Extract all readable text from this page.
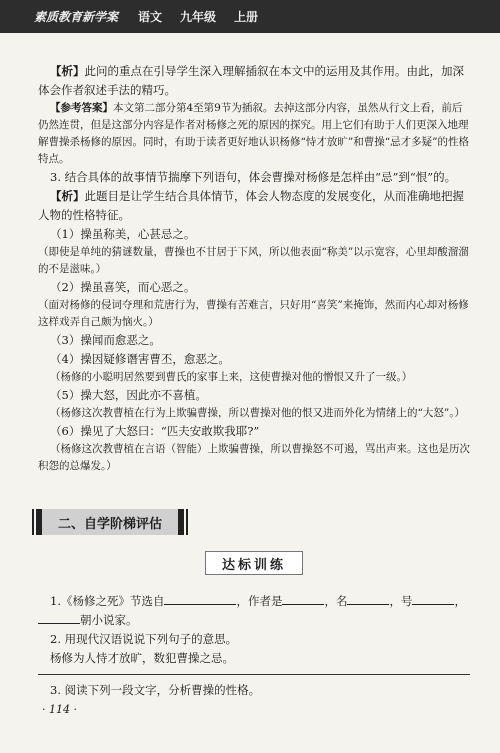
素质教育新学案 语文 九年级 上册

【析】此问的重点在引导学生深入理解插叙在本文中的运用及其作用。由此，加深体会作者叙述手法的精巧。

【参考答案】本文第二部分第4至第9节为插叙。去掉这部分内容，虽然从行文上看，前后仍然连贯，但是这部分内容是作者对杨修之死的原因的探究。用上它们有助于人们更深入地理解曹操杀杨修的原因。同时，有助于读者更好地认识杨修“恃才放旷”和曹操“忌才多疑”的性格特点。

3. 结合具体的故事情节揣摩下列语句，体会曹操对杨修是怎样由“忌”到“恨”的。

【析】此题目是让学生结合具体情节，体会人物态度的发展变化，从而准确地把握人物的性格特征。

（1）操虽称美，心甚忌之。

（即使是单纯的猜谜数量，曹操也不甘居于下风，所以他表面“称美”以示宽容，心里却酸溜溜的不是滋味。）

（2）操虽喜笑，而心恶之。

（面对杨修的侵词夺理和荒唐行为，曹操有苦难言，只好用“喜笑”来掩饰，然而内心却对杨修这样戏弄自己颇为恼火。）

（3）操闻而愈恶之。

（4）操因疑修谮害曹丕，愈恶之。

（杨修的小聪明居然要到曹氏的家事上来，这使曹操对他的憎恨又升了一级。）

（5）操大怒，因此亦不喜植。

（杨修这次教曹植在行为上欺骗曹操，所以曹操对他的恨又进而外化为情绪上的“大怒”。）

（6）操见了大怒曰：“匹夫安敢欺我耶?”

（杨修这次教曹植在言语（智能）上欺骗曹操，所以曹操怒不可遏，骂出声来。这也是历次积怨的总爆发。）

二、自学阶梯评估
达标训练

1.《杨修之死》节选自	，作者是	，名	，号	，

朝小说家。

2. 用现代汉语说说下列句子的意思。

杨修为人恃才放旷，数犯曹操之忌。

3. 阅读下列一段文字，分析曹操的性格。

· 114 ·
